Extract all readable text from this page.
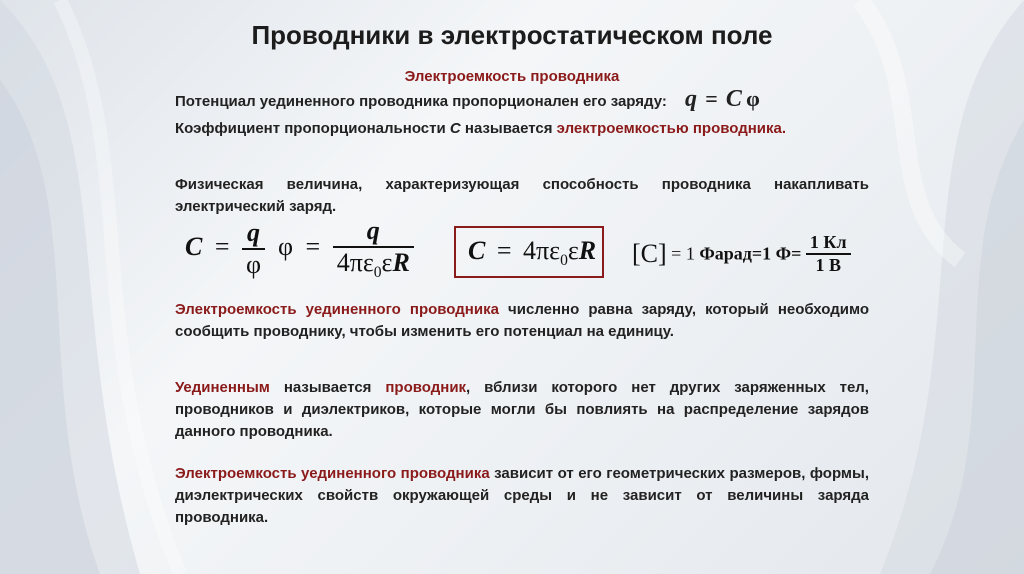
Проводники в электростатическом поле
Электроемкость проводника
Потенциал уединенного проводника пропорционален его заряду: q = C φ
Коэффициент пропорциональности C называется электроемкостью проводника.
Физическая величина, характеризующая способность проводника накапливать электрический заряд.
$C = \frac{q}{\varphi}$ $\varphi = \frac{q}{4\pi\varepsilon_0\varepsilon R}$ $C = 4\pi\varepsilon_0\varepsilon R$ [C] = 1 Фарад=1 $Ф= \frac{1 Кл}{1 В}$
Электроемкость уединенного проводника численно равна заряду, который необходимо сообщить проводнику, чтобы изменить его потенциал на единицу.
Уединенным называется проводник, вблизи которого нет других заряженных тел, проводников и диэлектриков, которые могли бы повлиять на распределение зарядов данного проводника.
Электроемкость уединенного проводника зависит от его геометрических размеров, формы, диэлектрических свойств окружающей среды и не зависит от величины заряда проводника.
